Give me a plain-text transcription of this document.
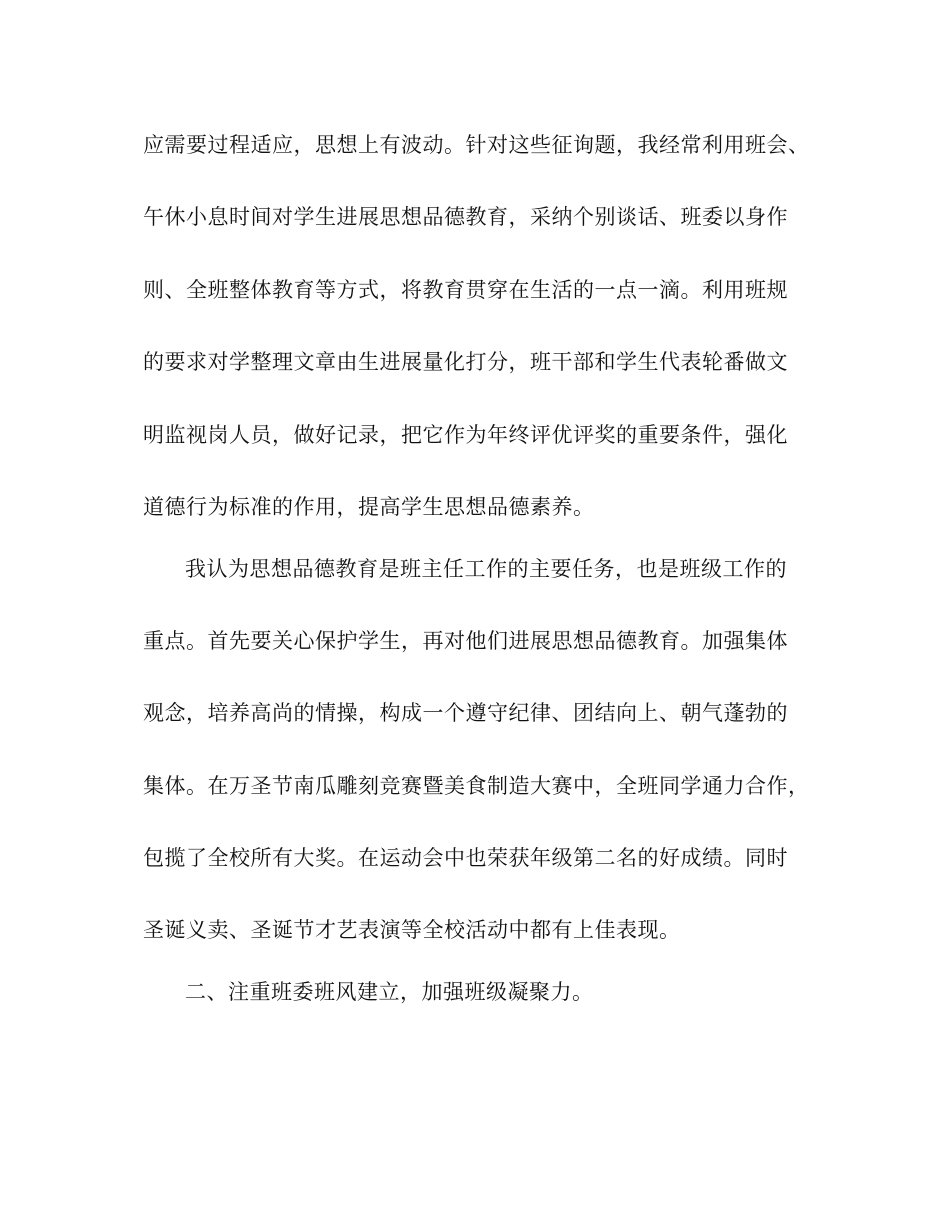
应需要过程适应，思想上有波动。针对这些征询题，我经常利用班会、
午休小息时间对学生进展思想品德教育，采纳个别谈话、班委以身作
则、全班整体教育等方式，将教育贯穿在生活的一点一滴。利用班规
的要求对学整理文章由生进展量化打分，班干部和学生代表轮番做文
明监视岗人员，做好记录，把它作为年终评优评奖的重要条件，强化
道德行为标准的作用，提高学生思想品德素养。
我认为思想品德教育是班主任工作的主要任务，也是班级工作的
重点。首先要关心保护学生，再对他们进展思想品德教育。加强集体
观念，培养高尚的情操，构成一个遵守纪律、团结向上、朝气蓬勃的
集体。在万圣节南瓜雕刻竞赛暨美食制造大赛中，全班同学通力合作，
包揽了全校所有大奖。在运动会中也荣获年级第二名的好成绩。同时
圣诞义卖、圣诞节才艺表演等全校活动中都有上佳表现。
二、注重班委班风建立，加强班级凝聚力。
